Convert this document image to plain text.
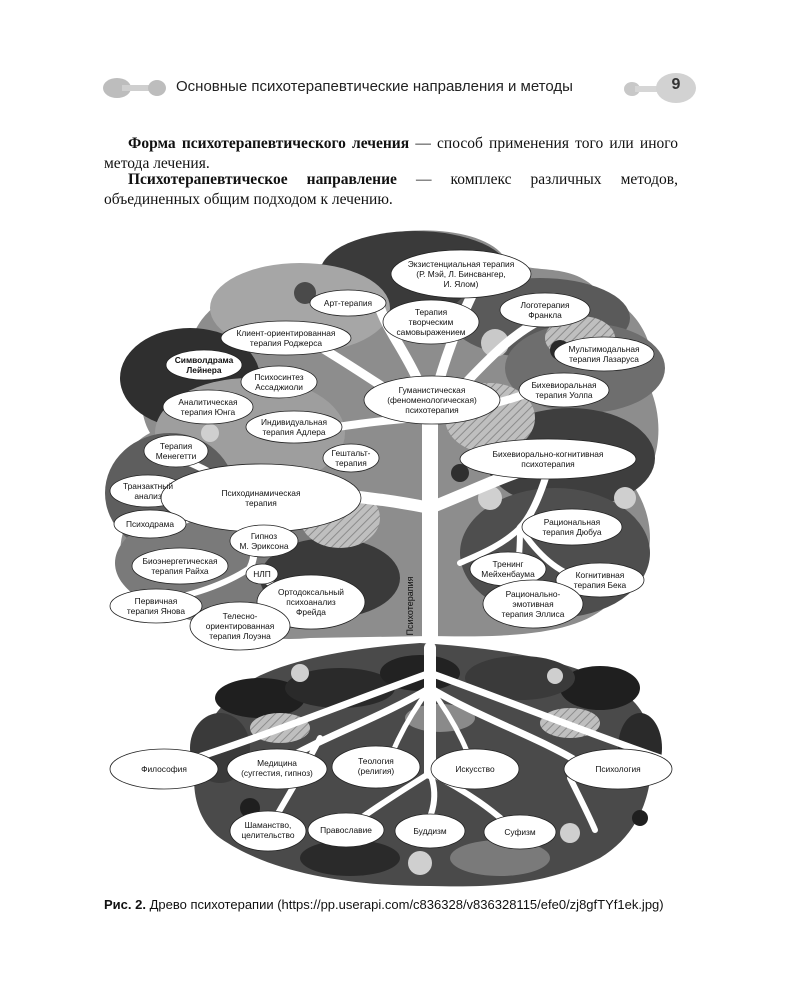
Основные психотерапевтические направления и методы	9

Форма психотерапевтического лечения — способ применения того или иного метода лечения.

Психотерапевтическое направление — комплекс различных методов, объединенных общим подходом к лечению.

Экзистенциальная терапия (Р. Мэй, Л. Бинсвангер, И. Ялом)
Арт-терапия
Терапия творческим самовыражением
Логотерапия Франкла
Мультимодальная терапия Лазаруса
Клиент-ориентированная терапия Роджерса
Символдрама Лейнера
Психосинтез Ассаджиоли	Гуманистическая (феноменологическая) психотерапия
Бихевиоральная терапия Уолпа
Аналитическая терапия Юнга
Индивидуальная терапия Адлера
Терапия Менегетти	Гештальт-терапия
Бихевиорально-когнитивная психотерапия
Транзактный анализ	Психодинамическая терапия
Психодрама
Гипноз М. Эриксона
Рациональная терапия Дюбуа
Биоэнергетическая терапия Райха	НЛП
Тренинг Мейхенбаума	Когнитивная терапия Бека
Ортодоксальный психоанализ Фрейда
Первичная терапия Янова	Телесно-ориентированная терапия Лоуэна
Рационально-эмотивная терапия Эллиса
Психотерапия
Философия
Медицина (суггестия, гипноз)
Теология (религия)	Искусство	Психология
Шаманство, целительство	Православие	Буддизм	Суфизм
Рис. 2. Древо психотерапии (https://pp.userapi.com/c836328/v836328115/efe0/zj8gfTYf1ek.jpg)
